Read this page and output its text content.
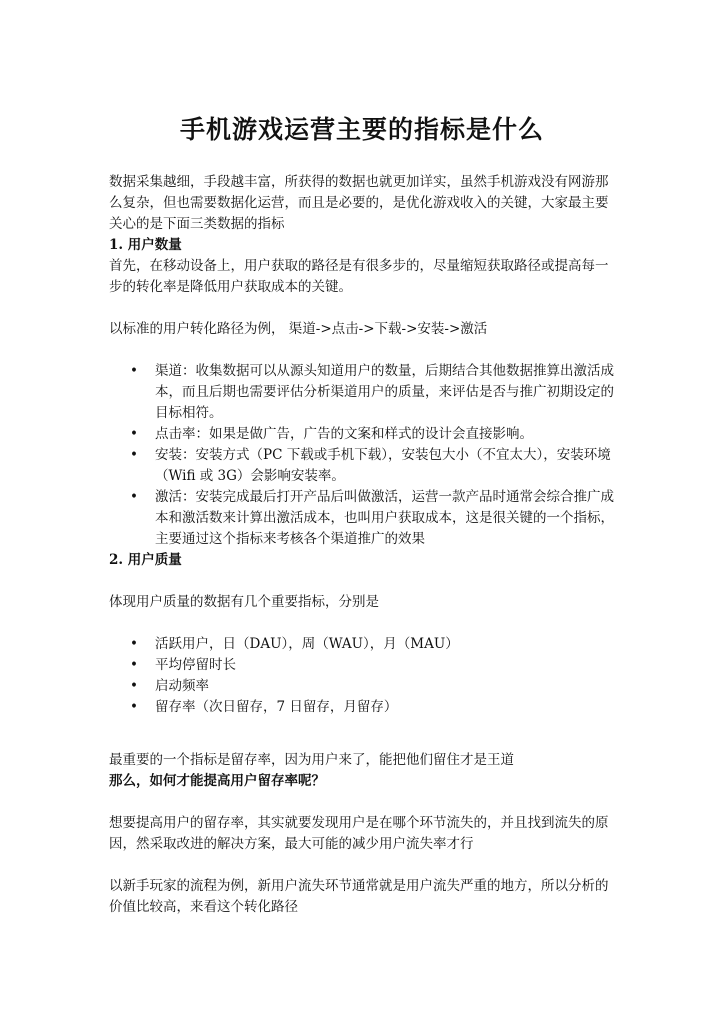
手机游戏运营主要的指标是什么

数据采集越细，手段越丰富，所获得的数据也就更加详实，虽然手机游戏没有网游那么复杂，但也需要数据化运营，而且是必要的，是优化游戏收入的关键，大家最主要关心的是下面三类数据的指标

1. 用户数量

首先，在移动设备上，用户获取的路径是有很多步的，尽量缩短获取路径或提高每一步的转化率是降低用户获取成本的关键。

以标准的用户转化路径为例， 渠道->点击->下载->安装->激活

• 渠道：收集数据可以从源头知道用户的数量，后期结合其他数据推算出激活成本，而且后期也需要评估分析渠道用户的质量，来评估是否与推广初期设定的目标相符。
• 点击率：如果是做广告，广告的文案和样式的设计会直接影响。
• 安装：安装方式（PC 下载或手机下载），安装包大小（不宜太大），安装环境（Wifi 或 3G）会影响安装率。
• 激活：安装完成最后打开产品后叫做激活，运营一款产品时通常会综合推广成本和激活数来计算出激活成本，也叫用户获取成本，这是很关键的一个指标，主要通过这个指标来考核各个渠道推广的效果

2. 用户质量

体现用户质量的数据有几个重要指标，分别是

• 活跃用户，日（DAU），周（WAU），月（MAU）
• 平均停留时长
• 启动频率
• 留存率（次日留存，7 日留存，月留存）

最重要的一个指标是留存率，因为用户来了，能把他们留住才是王道

那么，如何才能提高用户留存率呢？

想要提高用户的留存率，其实就要发现用户是在哪个环节流失的，并且找到流失的原因，然采取改进的解决方案，最大可能的减少用户流失率才行

以新手玩家的流程为例，新用户流失环节通常就是用户流失严重的地方，所以分析的价值比较高，来看这个转化路径
